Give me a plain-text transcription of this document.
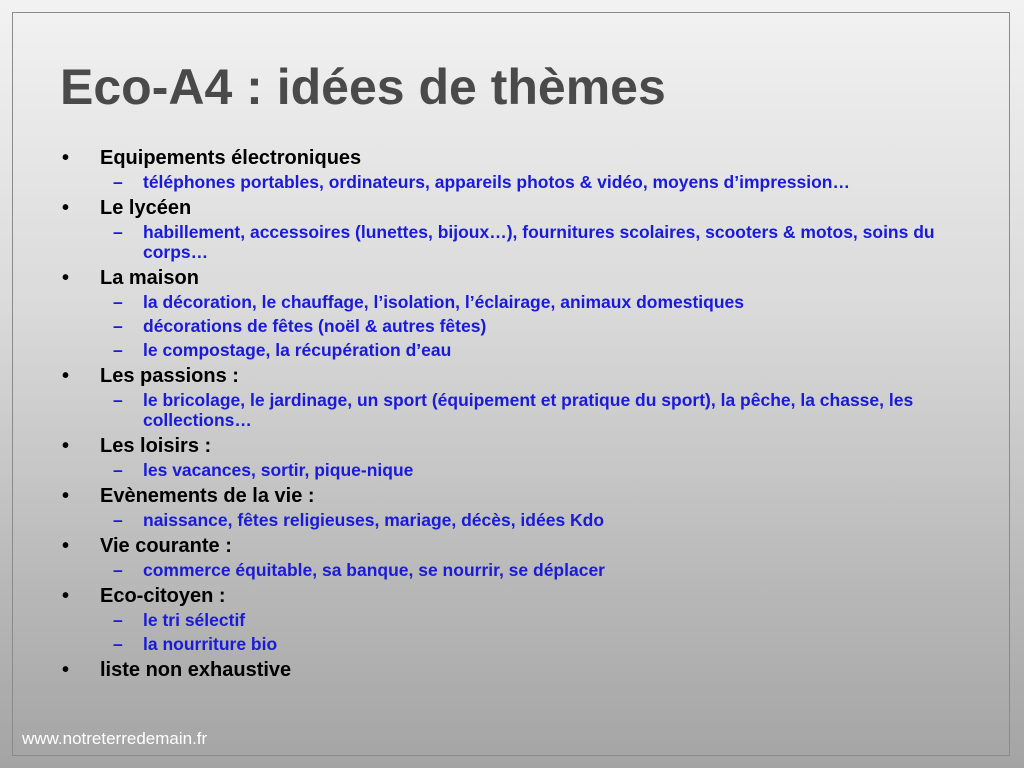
Eco-A4 : idées de thèmes
•	Equipements électroniques
–	téléphones portables, ordinateurs, appareils photos & vidéo, moyens d’impression…
•	Le lycéen
–	habillement, accessoires (lunettes, bijoux…), fournitures scolaires, scooters & motos, soins du corps…
•	La maison
–	la décoration, le chauffage, l’isolation, l’éclairage, animaux domestiques
–	décorations de fêtes (noël & autres fêtes)
–	le compostage, la récupération d’eau
•	Les passions :
–	le bricolage, le jardinage, un sport (équipement et pratique du sport), la pêche, la chasse, les collections…
•	Les loisirs :
–	les vacances, sortir, pique-nique
•	Evènements de la vie :
–	naissance, fêtes religieuses, mariage, décès, idées Kdo
•	Vie courante :
–	commerce équitable, sa banque, se nourrir, se déplacer
•	Eco-citoyen :
–	le tri sélectif
–	la nourriture bio
•	liste non exhaustive
www.notreterredemain.fr
